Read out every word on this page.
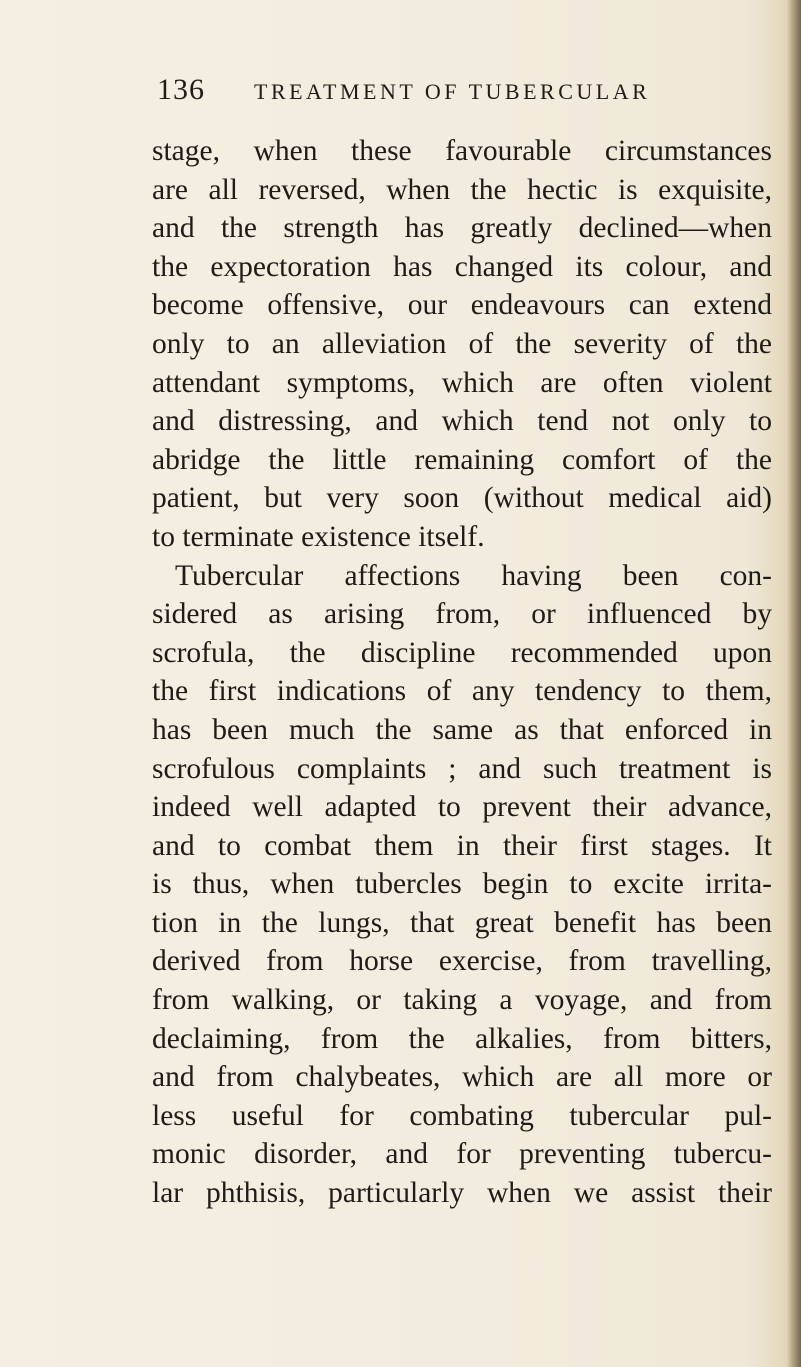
136 TREATMENT OF TUBERCULAR
stage, when these favourable circumstances
are all reversed, when the hectic is exquisite,
and the strength has greatly declined—when
the expectoration has changed its colour, and
become offensive, our endeavours can extend
only to an alleviation of the severity of the
attendant symptoms, which are often violent
and distressing, and which tend not only to
abridge the little remaining comfort of the
patient, but very soon (without medical aid)
to terminate existence itself.
Tubercular affections having been con-
sidered as arising from, or influenced by
scrofula, the discipline recommended upon
the first indications of any tendency to them,
has been much the same as that enforced in
scrofulous complaints ; and such treatment is
indeed well adapted to prevent their advance,
and to combat them in their first stages. It
is thus, when tubercles begin to excite irrita-
tion in the lungs, that great benefit has been
derived from horse exercise, from travelling,
from walking, or taking a voyage, and from
declaiming, from the alkalies, from bitters,
and from chalybeates, which are all more or
less useful for combating tubercular pul-
monic disorder, and for preventing tubercu-
lar phthisis, particularly when we assist their
